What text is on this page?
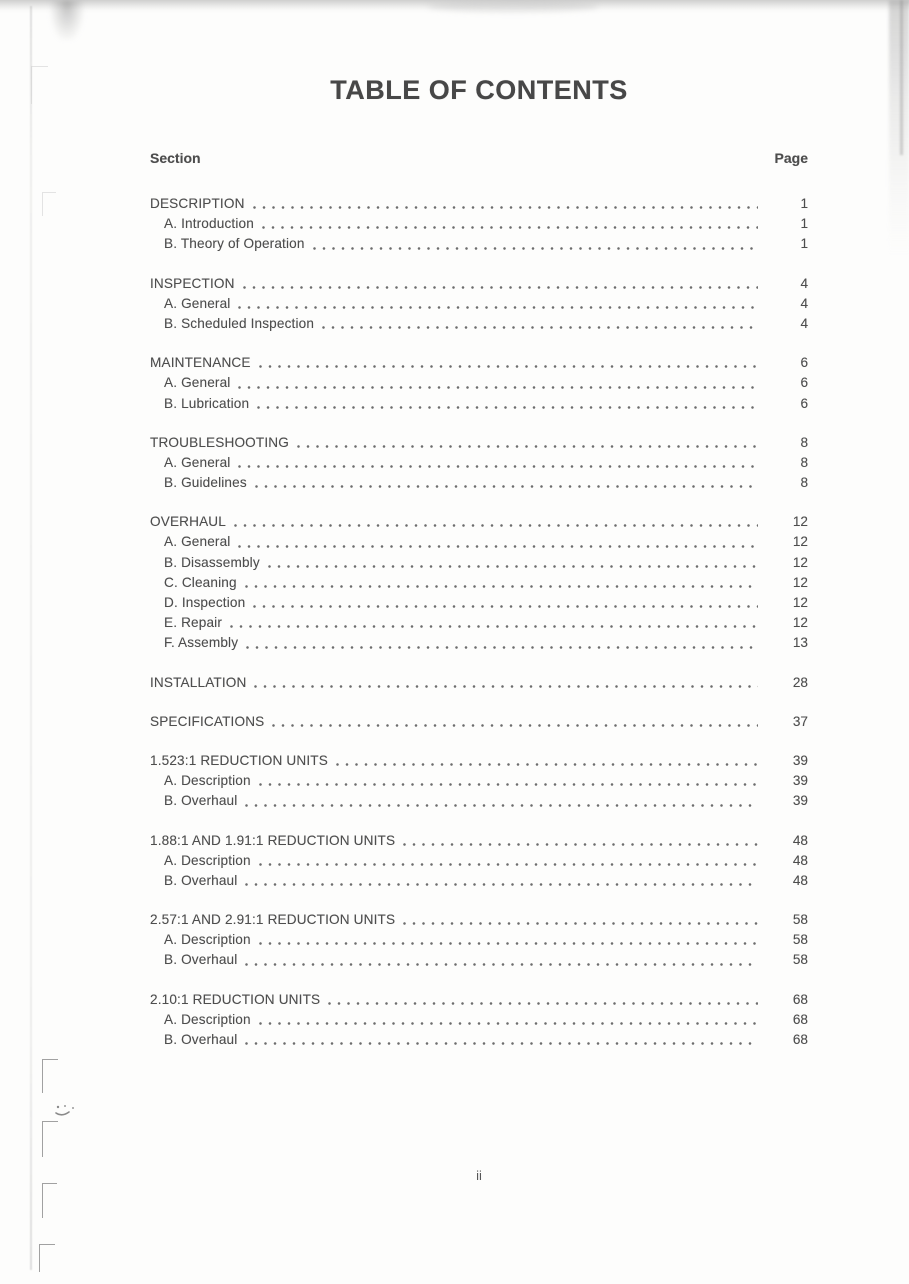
TABLE OF CONTENTS
Section	Page
DESCRIPTION	1
A. Introduction	1
B. Theory of Operation	1
INSPECTION	4
A. General	4
B. Scheduled Inspection	4
MAINTENANCE	6
A. General	6
B. Lubrication	6
TROUBLESHOOTING	8
A. General	8
B. Guidelines	8
OVERHAUL	12
A. General	12
B. Disassembly	12
C. Cleaning	12
D. Inspection	12
E. Repair	12
F. Assembly	13
INSTALLATION	28
SPECIFICATIONS	37
1.523:1 REDUCTION UNITS	39
A. Description	39
B. Overhaul	39
1.88:1 AND 1.91:1 REDUCTION UNITS	48
A. Description	48
B. Overhaul	48
2.57:1 AND 2.91:1 REDUCTION UNITS	58
A. Description	58
B. Overhaul	58
2.10:1 REDUCTION UNITS	68
A. Description	68
B. Overhaul	68
ii
